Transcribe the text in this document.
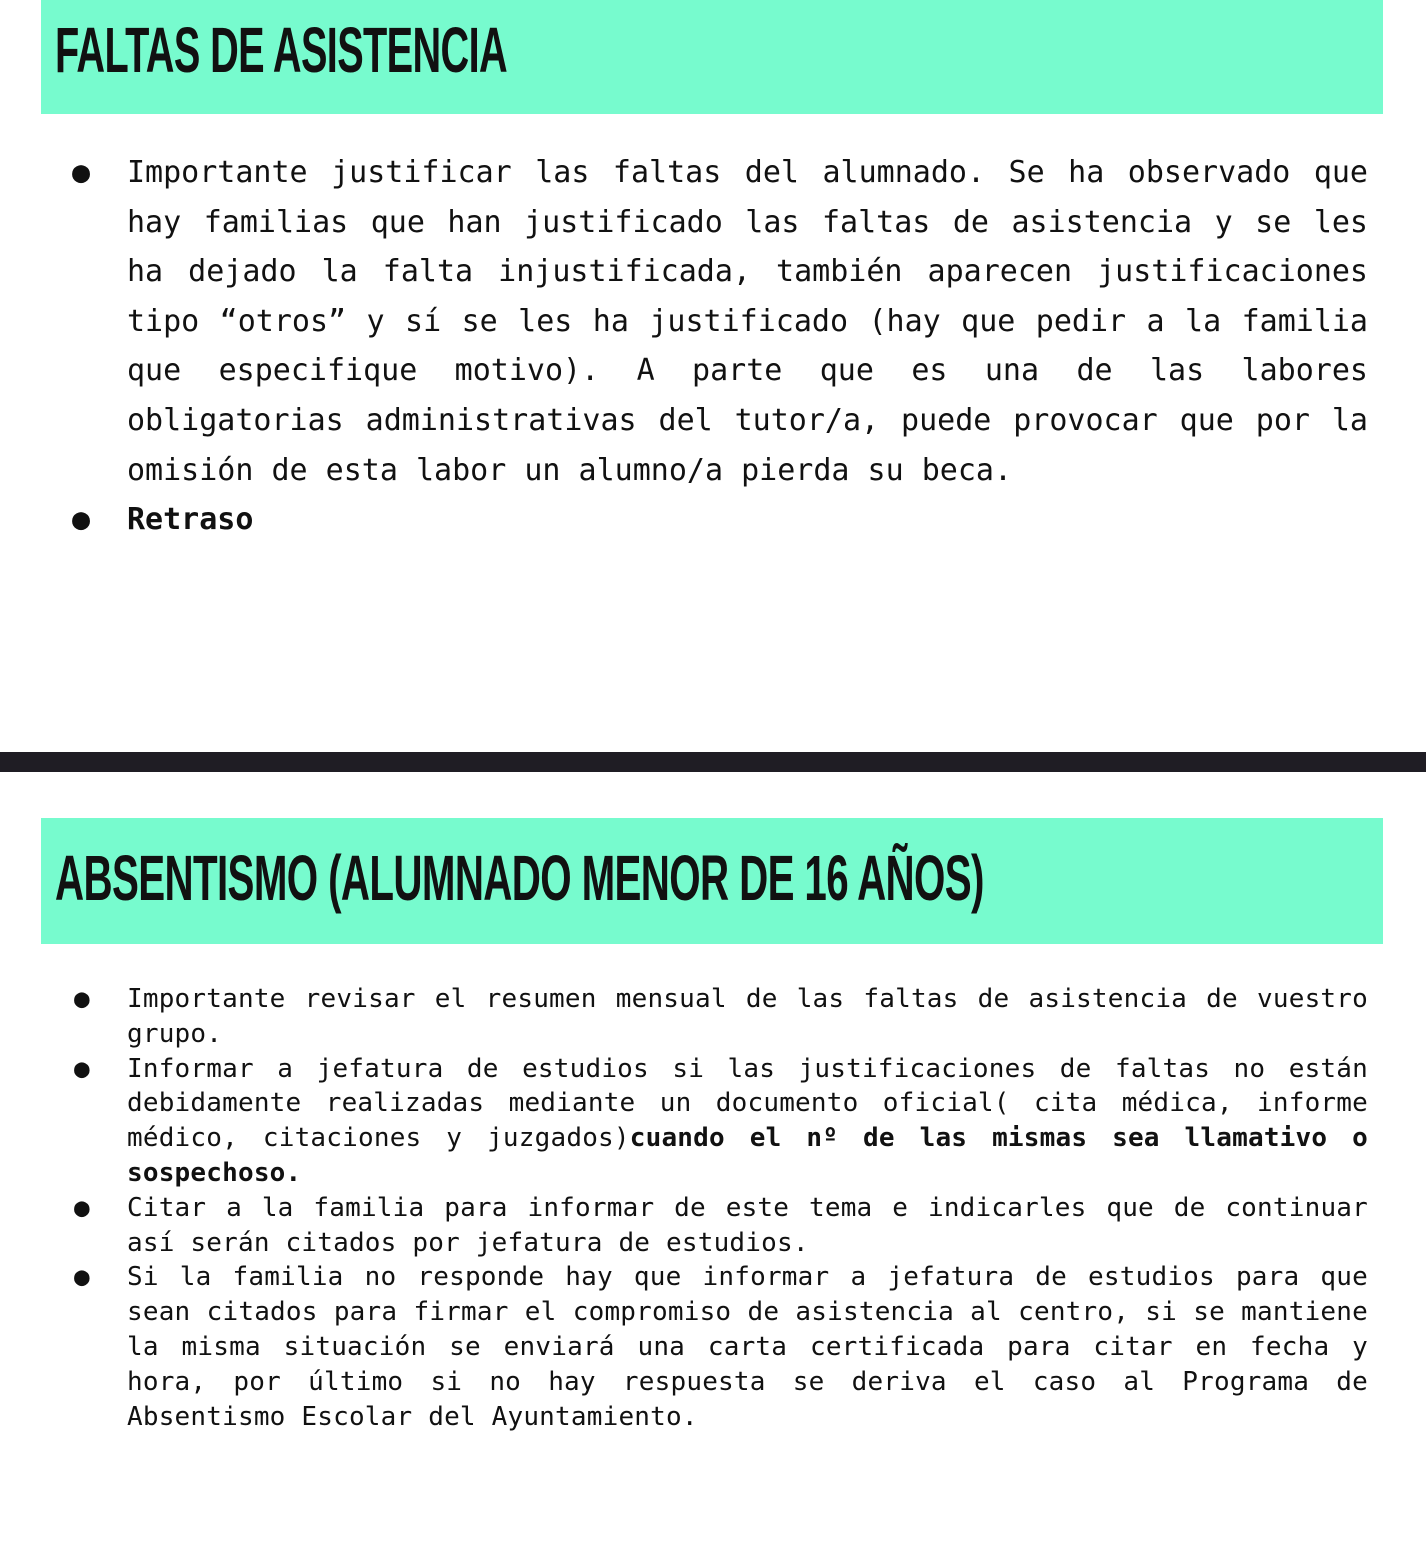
FALTAS DE ASISTENCIA
● Importante justificar las faltas del alumnado. Se ha observado que hay familias que han justificado las faltas de asistencia y se les ha dejado la falta injustificada, también aparecen justificaciones tipo “otros” y sí se les ha justificado (hay que pedir a la familia que especifique motivo). A parte que es una de las labores obligatorias administrativas del tutor/a, puede provocar que por la omisión de esta labor un alumno/a pierda su beca.
● Retraso
ABSENTISMO (ALUMNADO MENOR DE 16 AÑOS)
● Importante revisar el resumen mensual de las faltas de asistencia de vuestro grupo.
● Informar a jefatura de estudios si las justificaciones de faltas no están debidamente realizadas mediante un documento oficial( cita médica, informe médico, citaciones y juzgados)cuando el nº de las mismas sea llamativo o sospechoso.
● Citar a la familia para informar de este tema e indicarles que de continuar así serán citados por jefatura de estudios.
● Si la familia no responde hay que informar a jefatura de estudios para que sean citados para firmar el compromiso de asistencia al centro, si se mantiene la misma situación se enviará una carta certificada para citar en fecha y hora, por último si no hay respuesta se deriva el caso al Programa de Absentismo Escolar del Ayuntamiento.
